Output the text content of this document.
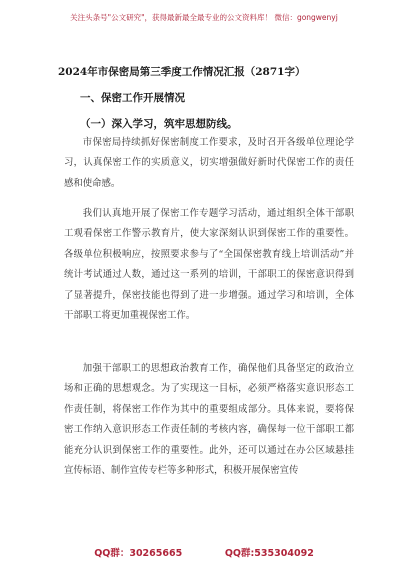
关注头条号"公文研究"，获得最新最全最专业的公文资料库！ 微信：gongwenyj
2024年市保密局第三季度工作情况汇报（2871字）
一、保密工作开展情况
（一）深入学习，筑牢思想防线。

市保密局持续抓好保密制度工作要求，及时召开各级单位理论学习，认真保密工作的实质意义，切实增强做好新时代保密工作的责任感和使命感。

我们认真地开展了保密工作专题学习活动，通过组织全体干部职工观看保密工作警示教育片，使大家深刻认识到保密工作的重要性。各级单位积极响应，按照要求参与了“全国保密教育线上培训活动”并统计考试通过人数，通过这一系列的培训，干部职工的保密意识得到了显著提升，保密技能也得到了进一步增强。通过学习和培训，全体干部职工将更加重视保密工作。

加强干部职工的思想政治教育工作，确保他们具备坚定的政治立场和正确的思想观念。为了实现这一目标，必须严格落实意识形态工作责任制，将保密工作作为其中的重要组成部分。具体来说，要将保密工作纳入意识形态工作责任制的考核内容，确保每一位干部职工都能充分认识到保密工作的重要性。此外，还可以通过在办公区域悬挂宣传标语、制作宣传专栏等多种形式，积极开展保密宣传

QQ群：30265665	QQ群:535304092
